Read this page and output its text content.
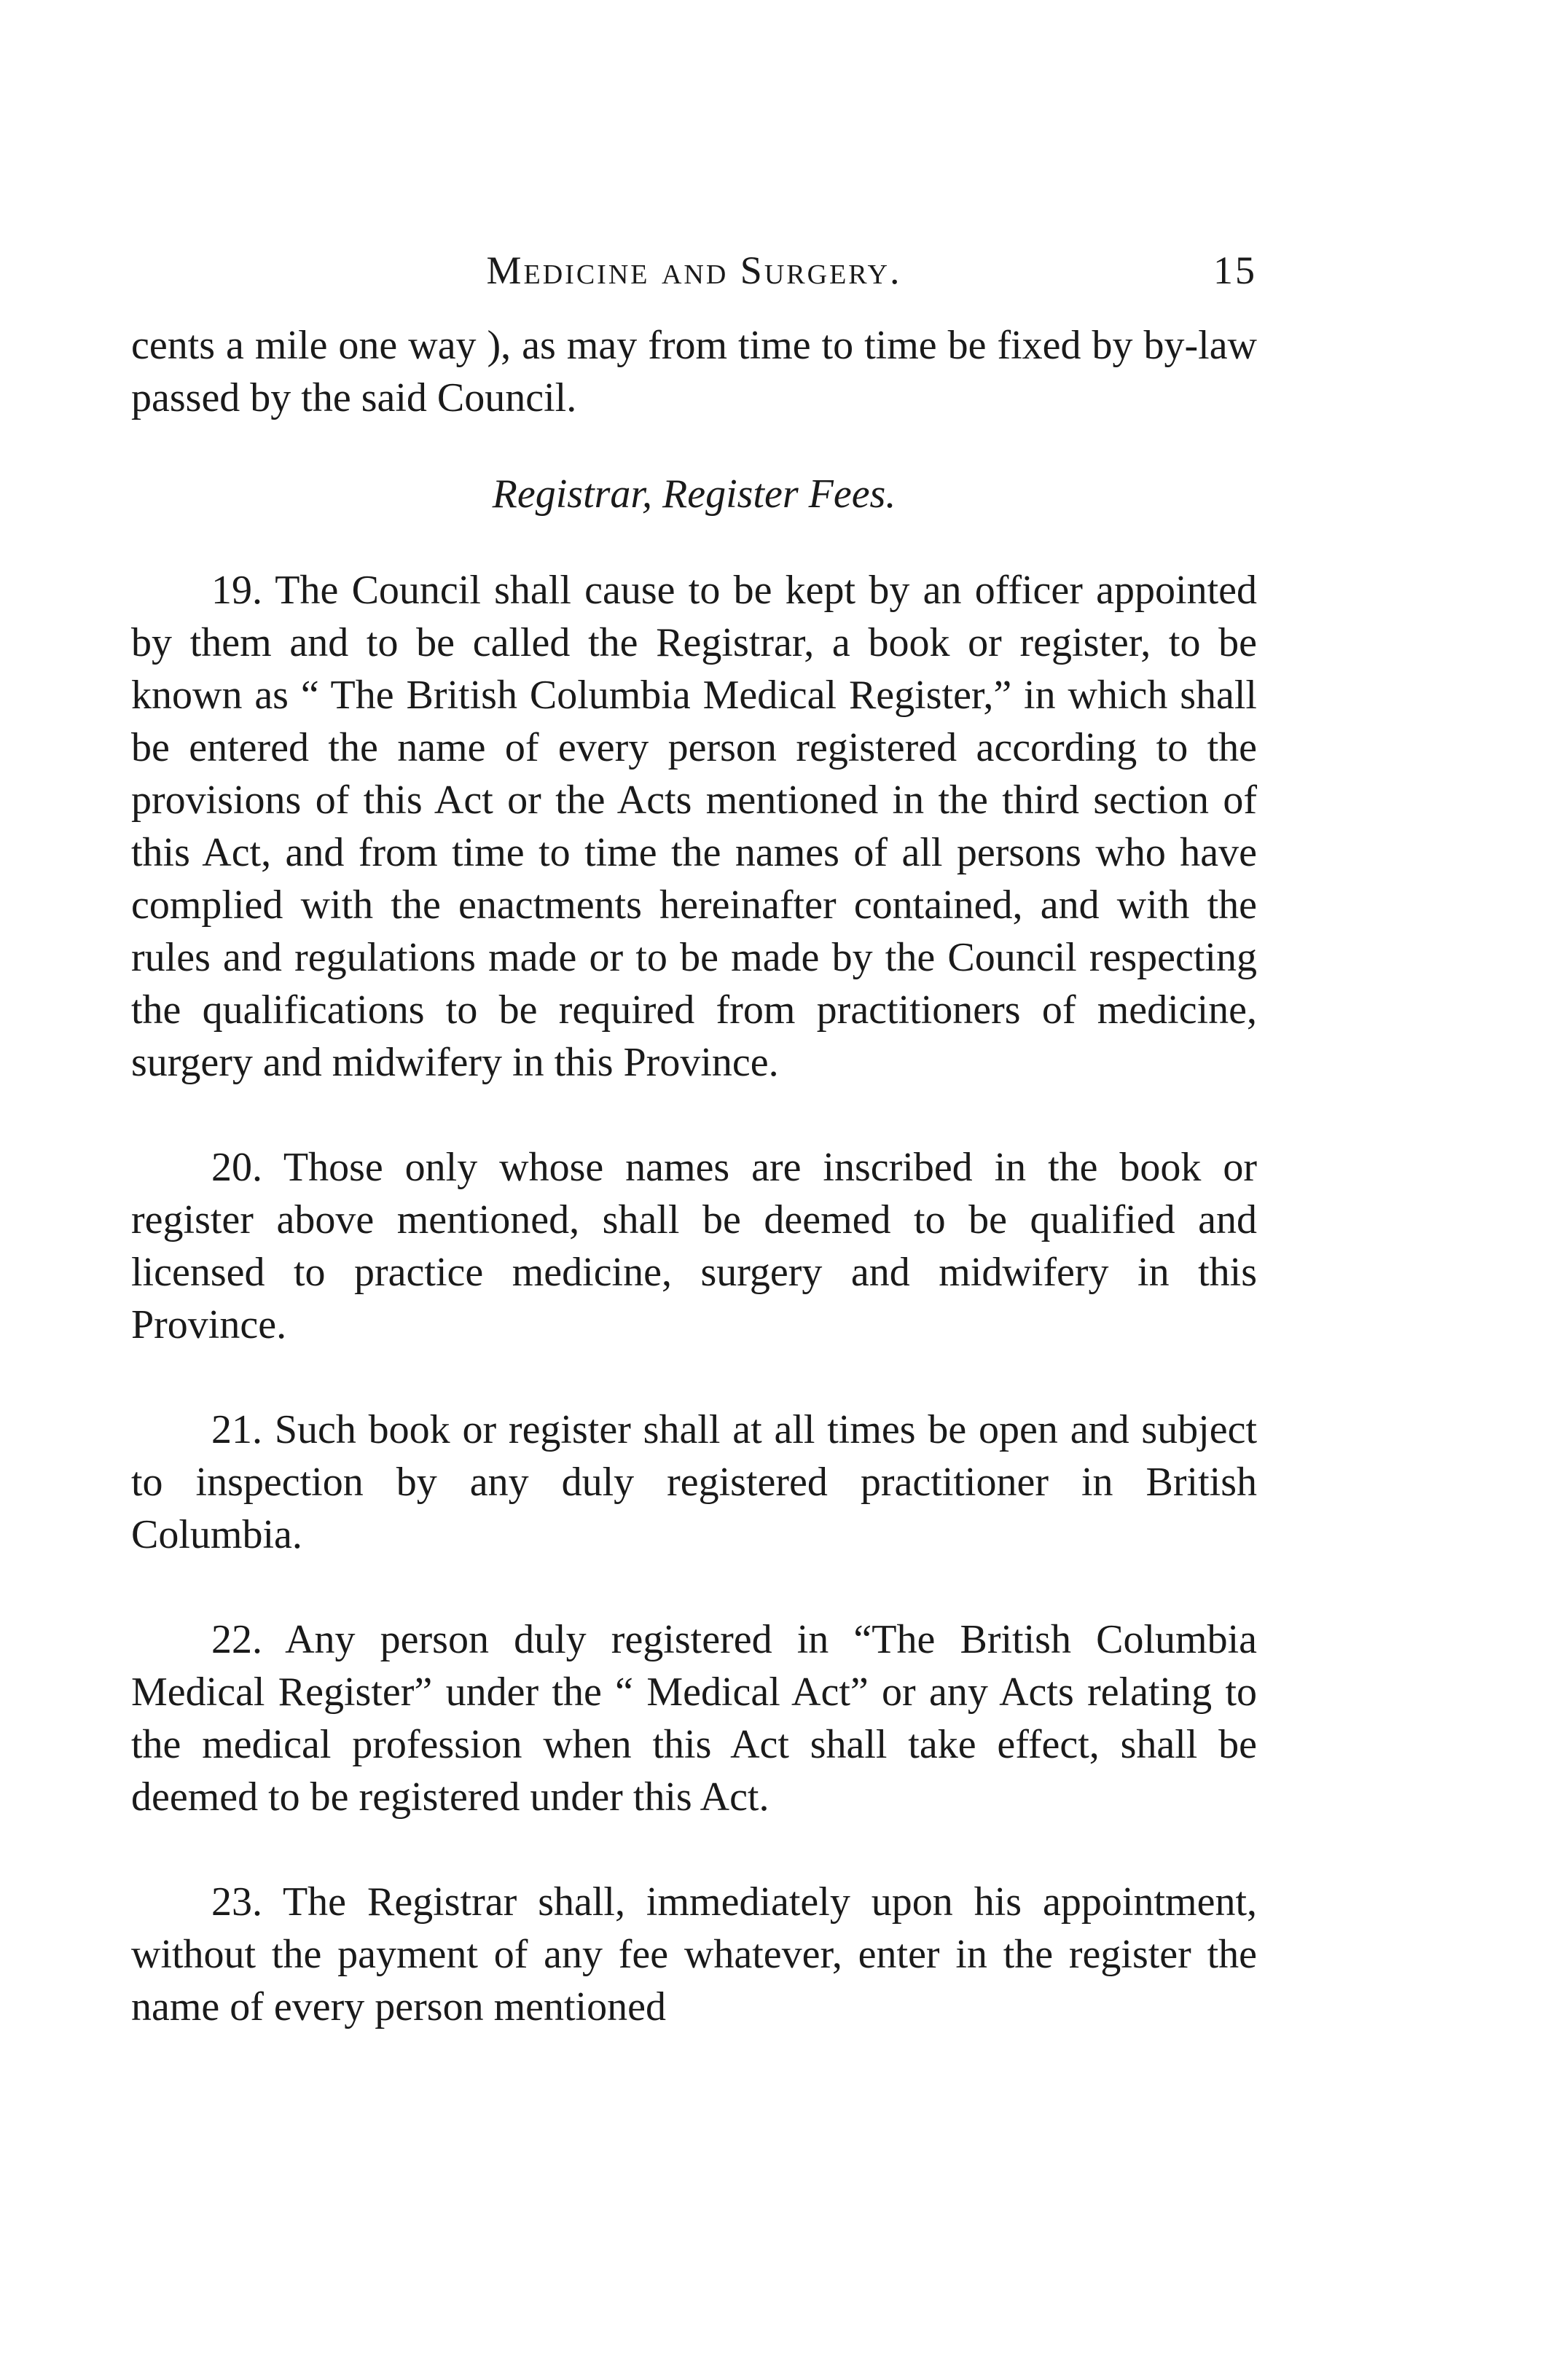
Medicine and Surgery.	15

cents a mile one way ), as may from time to time be fixed by by-law passed by the said Council.

Registrar, Register Fees.

19. The Council shall cause to be kept by an officer appointed by them and to be called the Registrar, a book or register, to be known as “ The British Columbia Medical Register,” in which shall be entered the name of every person registered according to the provisions of this Act or the Acts mentioned in the third section of this Act, and from time to time the names of all persons who have complied with the enactments hereinafter contained, and with the rules and regulations made or to be made by the Council respecting the qualifications to be required from practitioners of medicine, surgery and midwifery in this Province.

20. Those only whose names are inscribed in the book or register above mentioned, shall be deemed to be qualified and licensed to practice medicine, surgery and midwifery in this Province.

21. Such book or register shall at all times be open and subject to inspection by any duly registered practitioner in British Columbia.

22. Any person duly registered in “The British Columbia Medical Register” under the “ Medical Act” or any Acts relating to the medical profession when this Act shall take effect, shall be deemed to be registered under this Act.

23. The Registrar shall, immediately upon his appointment, without the payment of any fee whatever, enter in the register the name of every person mentioned
